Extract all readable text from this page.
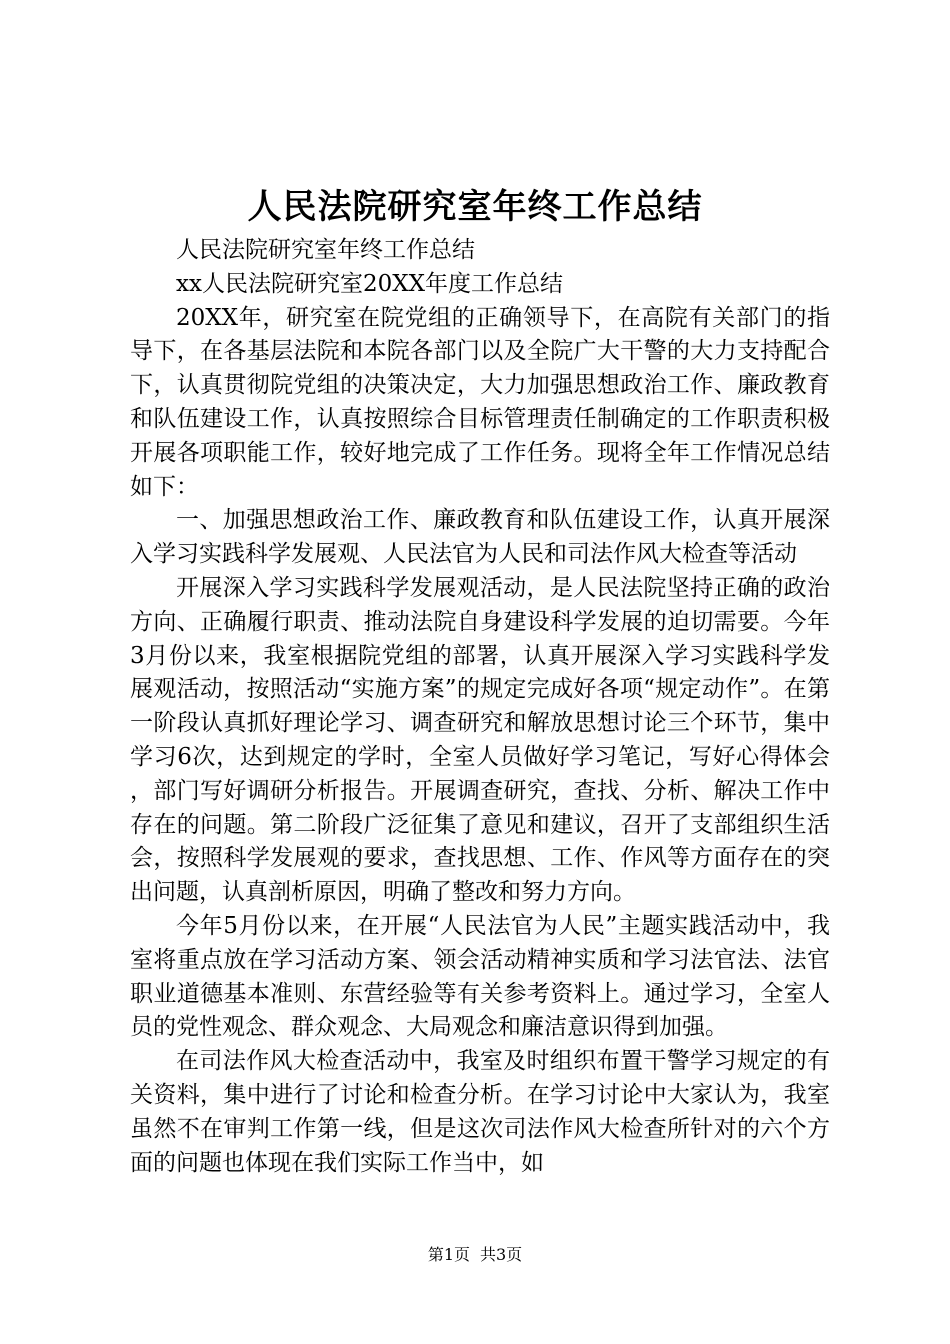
人民法院研究室年终工作总结

人民法院研究室年终工作总结

xx人民法院研究室20XX年度工作总结

20XX年，研究室在院党组的正确领导下，在高院有关部门的指导下，在各基层法院和本院各部门以及全院广大干警的大力支持配合下，认真贯彻院党组的决策决定，大力加强思想政治工作、廉政教育和队伍建设工作，认真按照综合目标管理责任制确定的工作职责积极开展各项职能工作，较好地完成了工作任务。现将全年工作情况总结如下：

一、加强思想政治工作、廉政教育和队伍建设工作，认真开展深入学习实践科学发展观、人民法官为人民和司法作风大检查等活动

开展深入学习实践科学发展观活动，是人民法院坚持正确的政治方向、正确履行职责、推动法院自身建设科学发展的迫切需要。今年3月份以来，我室根据院党组的部署，认真开展深入学习实践科学发展观活动，按照活动“实施方案”的规定完成好各项“规定动作”。在第一阶段认真抓好理论学习、调查研究和解放思想讨论三个环节，集中学习6次，达到规定的学时，全室人员做好学习笔记，写好心得体会，部门写好调研分析报告。开展调查研究，查找、分析、解决工作中存在的问题。第二阶段广泛征集了意见和建议，召开了支部组织生活会，按照科学发展观的要求，查找思想、工作、作风等方面存在的突出问题，认真剖析原因，明确了整改和努力方向。

今年5月份以来，在开展“人民法官为人民”主题实践活动中，我室将重点放在学习活动方案、领会活动精神实质和学习法官法、法官职业道德基本准则、东营经验等有关参考资料上。通过学习，全室人员的党性观念、群众观念、大局观念和廉洁意识得到加强。

在司法作风大检查活动中，我室及时组织布置干警学习规定的有关资料，集中进行了讨论和检查分析。在学习讨论中大家认为，我室虽然不在审判工作第一线，但是这次司法作风大检查所针对的六个方面的问题也体现在我们实际工作当中，如

第1页 共3页
